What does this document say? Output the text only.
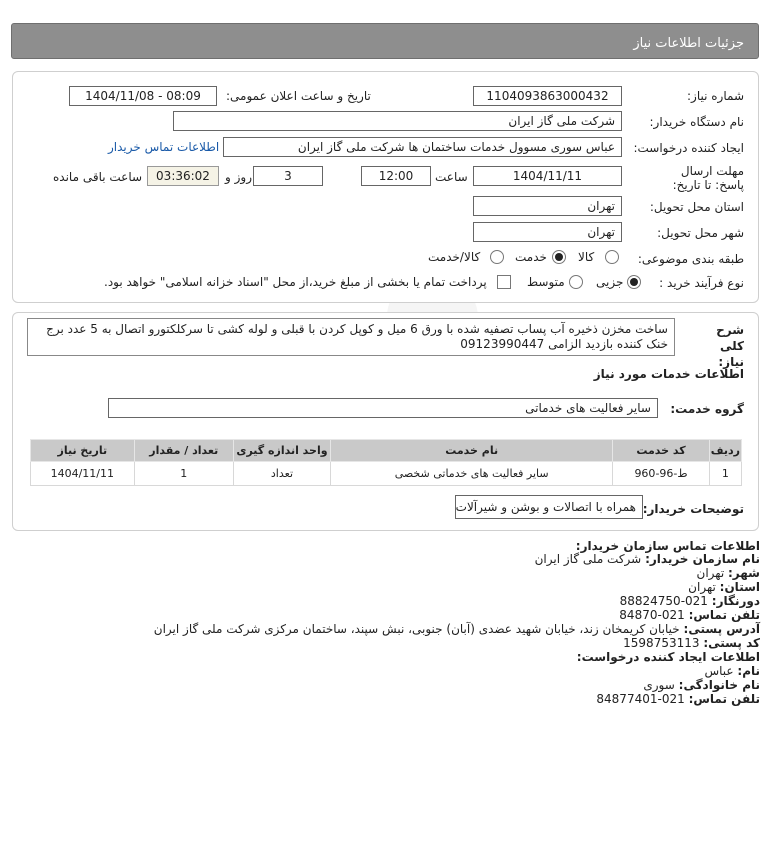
جزئیات اطلاعات نیاز
شماره نیاز:
1104093863000432
تاریخ و ساعت اعلان عمومی:
1404/11/08 - 08:09
نام دستگاه خریدار:
شرکت ملی گاز ایران
ایجاد کننده درخواست:
عباس سوری مسوول خدمات ساختمان ها شرکت ملی گاز ایران
اطلاعات تماس خریدار
مهلت ارسال پاسخ: تا تاریخ:
1404/11/11
ساعت
12:00
3
روز و
03:36:02
ساعت باقی مانده
استان محل تحویل:
تهران
شهر محل تحویل:
تهران
طبقه بندی موضوعی:
کالا
خدمت
کالا/خدمت
نوع فرآیند خرید :
جزیی
متوسط
پرداخت تمام یا بخشی از مبلغ خرید،از محل "اسناد خزانه اسلامی" خواهد بود.
شرح کلی نیاز:
ساخت مخزن ذخیره آب پساب تصفیه شده با ورق 6 میل و کوپل کردن با قبلی و لوله کشی تا سرکلکتورو اتصال به 5 عدد برج خنک کننده بازدید الزامی 09123990447
اطلاعات خدمات مورد نیاز
گروه خدمت:
سایر فعالیت های خدماتی
ردیف	کد خدمت	نام خدمت	واحد اندازه گیری	تعداد / مقدار	تاریخ نیاز
1	ط-96-960	سایر فعالیت های خدماتی شخصی	تعداد	1	1404/11/11
توضیحات خریدار:
همراه با اتصالات و بوشن و شیرآلات
اطلاعات تماس سازمان خریدار:
نام سازمان خریدار: شرکت ملی گاز ایران
شهر: تهران
استان: تهران
دورنگار: 021-88824750
تلفن تماس: 021-84870
آدرس پستی: خیابان کریمخان زند، خیابان شهید عضدی (آبان) جنوبی، نبش سپند، ساختمان مرکزی شرکت ملی گاز ایران
کد پستی: 1598753113
اطلاعات ایجاد کننده درخواست:
نام: عباس
نام خانوادگی: سوری
تلفن تماس: 021-84877401
